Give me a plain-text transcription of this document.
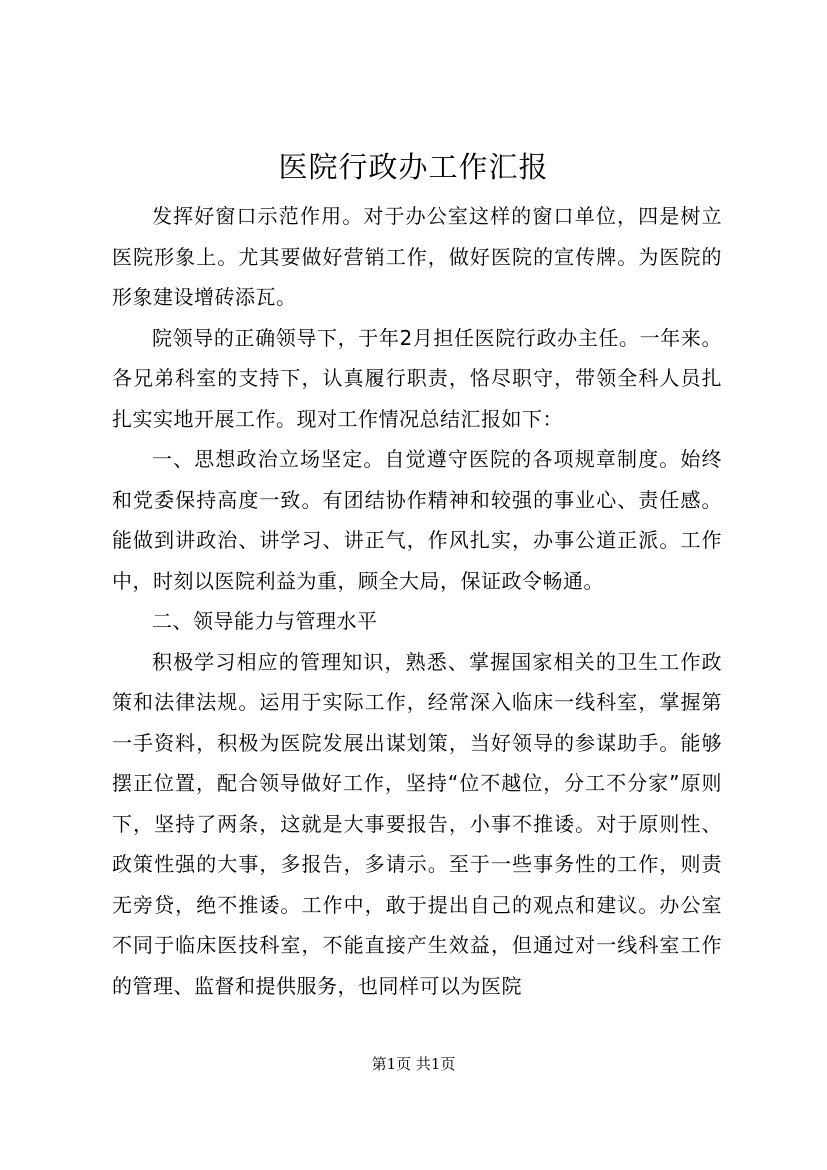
医院行政办工作汇报

发挥好窗口示范作用。对于办公室这样的窗口单位，四是树立医院形象上。尤其要做好营销工作，做好医院的宣传牌。为医院的形象建设增砖添瓦。

院领导的正确领导下，于年2月担任医院行政办主任。一年来。各兄弟科室的支持下，认真履行职责，恪尽职守，带领全科人员扎扎实实地开展工作。现对工作情况总结汇报如下：

一、思想政治立场坚定。自觉遵守医院的各项规章制度。始终和党委保持高度一致。有团结协作精神和较强的事业心、责任感。能做到讲政治、讲学习、讲正气，作风扎实，办事公道正派。工作中，时刻以医院利益为重，顾全大局，保证政令畅通。

二、领导能力与管理水平

积极学习相应的管理知识，熟悉、掌握国家相关的卫生工作政策和法律法规。运用于实际工作，经常深入临床一线科室，掌握第一手资料，积极为医院发展出谋划策，当好领导的参谋助手。能够摆正位置，配合领导做好工作，坚持“位不越位，分工不分家”原则下，坚持了两条，这就是大事要报告，小事不推诿。对于原则性、政策性强的大事，多报告，多请示。至于一些事务性的工作，则责无旁贷，绝不推诿。工作中，敢于提出自己的观点和建议。办公室不同于临床医技科室，不能直接产生效益，但通过对一线科室工作的管理、监督和提供服务，也同样可以为医院

第1页 共1页
